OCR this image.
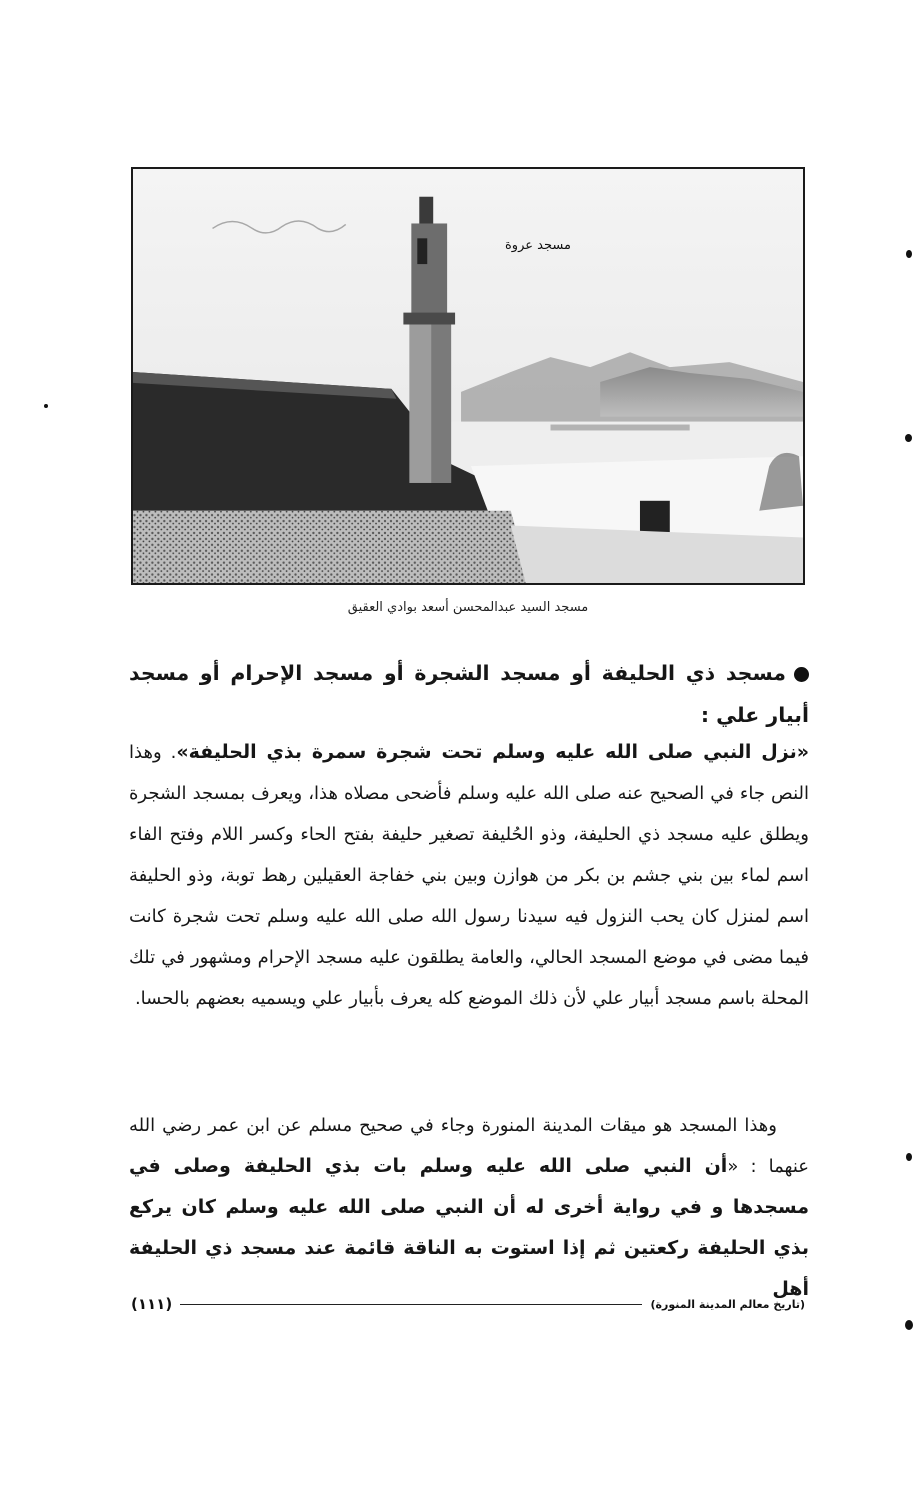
مسجد عروة
مسجد السيد عبدالمحسن أسعد بوادي العقيق
مسجد ذي الحليفة أو مسجد الشجرة أو مسجد الإحرام أو مسجد أبيار علي :
«نزل النبي صلى الله عليه وسلم تحت شجرة سمرة بذي الحليفة». وهذا النص جاء في الصحيح عنه صلى الله عليه وسلم فأضحى مصلاه هذا، ويعرف بمسجد الشجرة ويطلق عليه مسجد ذي الحليفة، وذو الحُليفة تصغير حليفة بفتح الحاء وكسر اللام وفتح الفاء اسم لماء بين بني جشم بن بكر من هوازن وبين بني خفاجة العقيلين رهط توبة، وذو الحليفة اسم لمنزل كان يحب النزول فيه سيدنا رسول الله صلى الله عليه وسلم تحت شجرة كانت فيما مضى في موضع المسجد الحالي، والعامة يطلقون عليه مسجد الإحرام ومشهور في تلك المحلة باسم مسجد أبيار علي لأن ذلك الموضع كله يعرف بأبيار علي ويسميه بعضهم بالحسا.
وهذا المسجد هو ميقات المدينة المنورة وجاء في صحيح مسلم عن ابن عمر رضي الله عنهما : «أن النبي صلى الله عليه وسلم بات بذي الحليفة وصلى في مسجدها و في رواية أخرى له أن النبي صلى الله عليه وسلم كان يركع بذي الحليفة ركعتين ثم إذا استوت به الناقة قائمة عند مسجد ذي الحليفة أهل
(١١١)	(تاريخ معالم المدينة المنورة)
